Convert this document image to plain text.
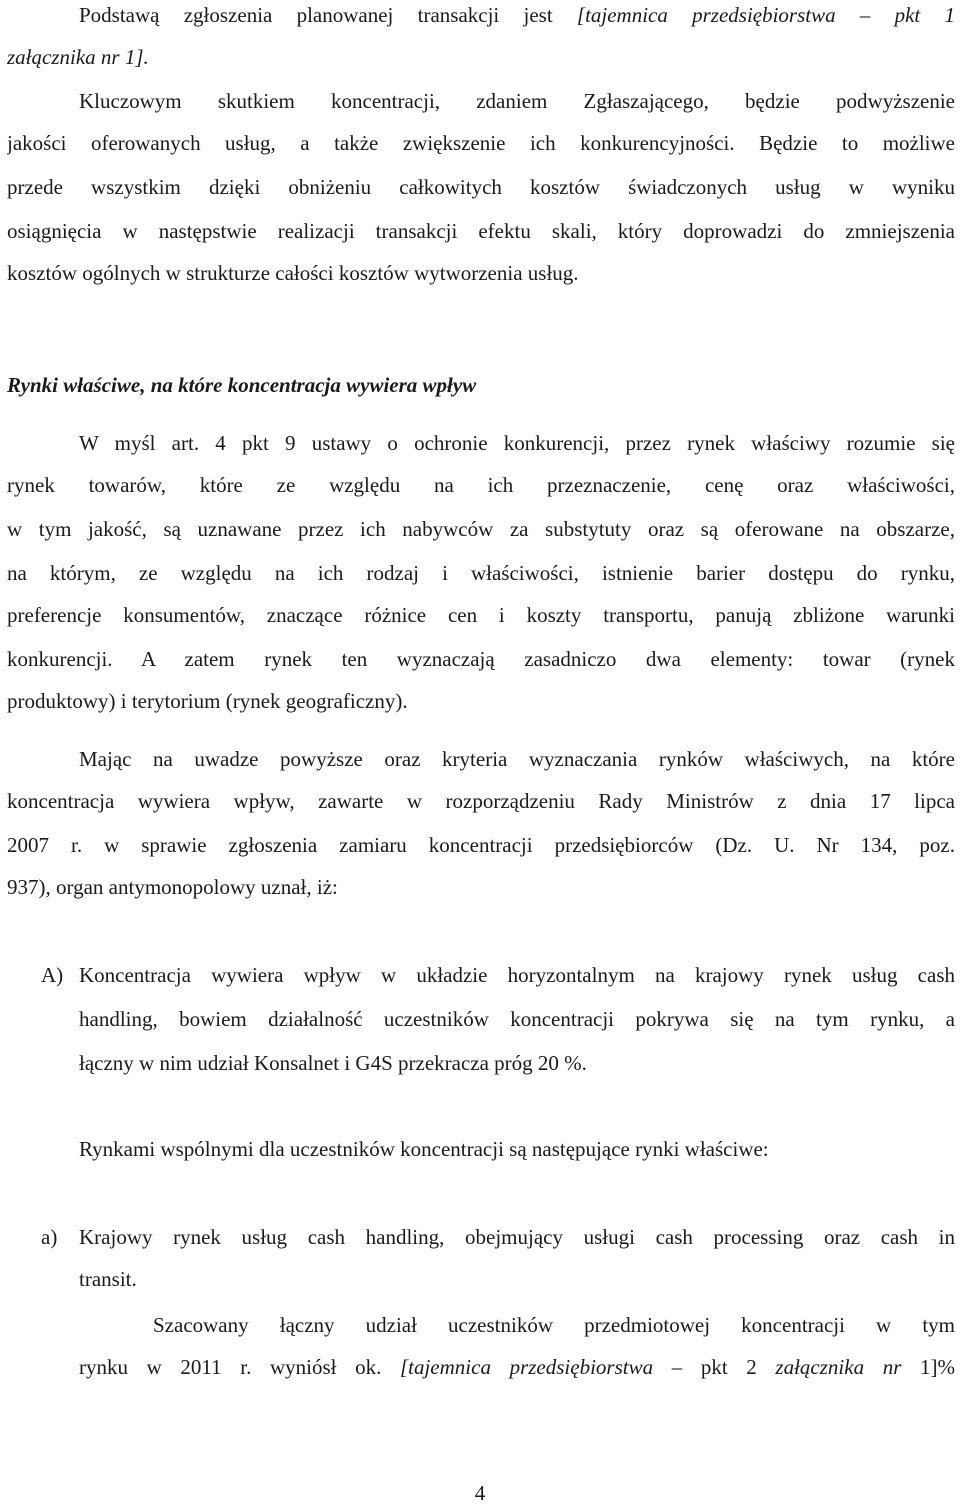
Podstawą zgłoszenia planowanej transakcji jest [tajemnica przedsiębiorstwa – pkt 1
załącznika nr 1].
Kluczowym skutkiem koncentracji, zdaniem Zgłaszającego, będzie podwyższenie
jakości oferowanych usług, a także zwiększenie ich konkurencyjności. Będzie to możliwe
przede wszystkim dzięki obniżeniu całkowitych kosztów świadczonych usług w wyniku
osiągnięcia w następstwie realizacji transakcji efektu skali, który doprowadzi do zmniejszenia
kosztów ogólnych w strukturze całości kosztów wytworzenia usług.
Rynki właściwe, na które koncentracja wywiera wpływ
W myśl art. 4 pkt 9 ustawy o ochronie konkurencji, przez rynek właściwy rozumie się
rynek towarów, które ze względu na ich przeznaczenie, cenę oraz właściwości,
w tym jakość, są uznawane przez ich nabywców za substytuty oraz są oferowane na obszarze,
na którym, ze względu na ich rodzaj i właściwości, istnienie barier dostępu do rynku,
preferencje konsumentów, znaczące różnice cen i koszty transportu, panują zbliżone warunki
konkurencji. A zatem rynek ten wyznaczają zasadniczo dwa elementy: towar (rynek
produktowy) i terytorium (rynek geograficzny).
Mając na uwadze powyższe oraz kryteria wyznaczania rynków właściwych, na które
koncentracja wywiera wpływ, zawarte w rozporządzeniu Rady Ministrów z dnia 17 lipca
2007 r. w sprawie zgłoszenia zamiaru koncentracji przedsiębiorców (Dz. U. Nr 134, poz.
937), organ antymonopolowy uznał, iż:
A) Koncentracja wywiera wpływ w układzie horyzontalnym na krajowy rynek usług cash
handling, bowiem działalność uczestników koncentracji pokrywa się na tym rynku, a
łączny w nim udział Konsalnet i G4S przekracza próg 20 %.
Rynkami wspólnymi dla uczestników koncentracji są następujące rynki właściwe:
a)	Krajowy rynek usług cash handling, obejmujący usługi cash processing oraz cash in
transit.
Szacowany łączny udział uczestników przedmiotowej koncentracji w tym
rynku w 2011 r. wyniósł ok. [tajemnica przedsiębiorstwa – pkt 2 załącznika nr 1]%
4
